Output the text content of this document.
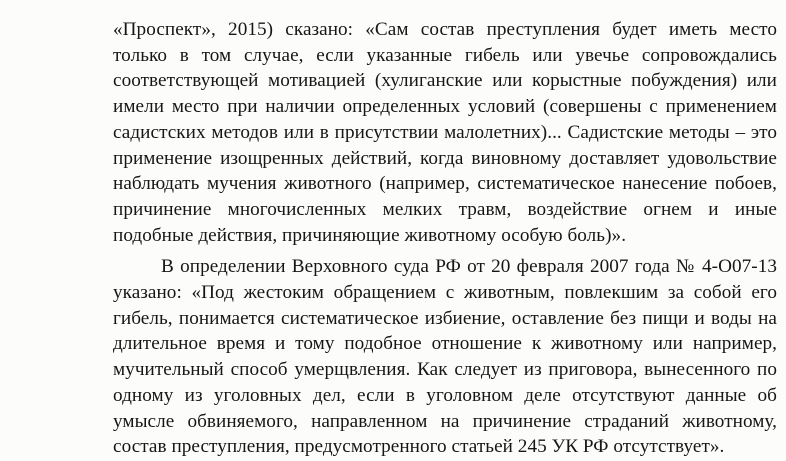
«Проспект», 2015) сказано: «Сам состав преступления будет иметь место
только в том случае, если указанные гибель или увечье сопровождались
соответствующей мотивацией (хулиганские или корыстные побуждения) или
имели место при наличии определенных условий (совершены с применением
садистских методов или в присутствии малолетних)... Садистские методы – это
применение изощренных действий, когда виновному доставляет удовольствие
наблюдать мучения животного (например, систематическое нанесение побоев,
причинение многочисленных мелких травм, воздействие огнем и иные
подобные действия, причиняющие животному особую боль)».
В определении Верховного суда РФ от 20 февраля 2007 года № 4-О07-13
указано: «Под жестоким обращением с животным, повлекшим за собой его
гибель, понимается систематическое избиение, оставление без пищи и воды на
длительное время и тому подобное отношение к животному или например,
мучительный способ умерщвления. Как следует из приговора, вынесенного по
одному из уголовных дел, если в уголовном деле отсутствуют данные об
умысле обвиняемого, направленном на причинение страданий животному,
состав преступления, предусмотренного статьей 245 УК РФ отсутствует».
